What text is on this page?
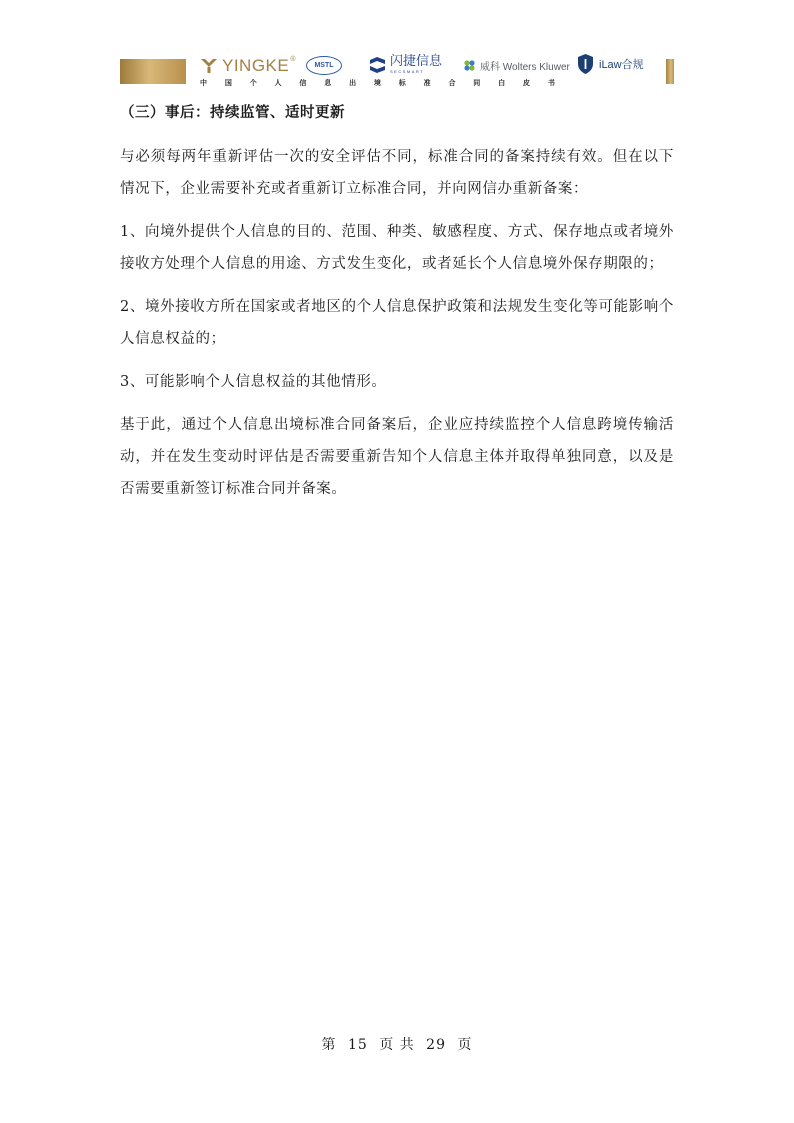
YINGKE ®
MSTL	闪捷信息
SECSMART	威科 Wolters Kluwer	iLaw合规
中	国	个	人	信	息	出	境	标	准	合	同	白	皮	书
（三）事后：持续监管、适时更新

与必须每两年重新评估一次的安全评估不同，标准合同的备案持续有效。但在以下情况下，企业需要补充或者重新订立标准合同，并向网信办重新备案：

1、向境外提供个人信息的目的、范围、种类、敏感程度、方式、保存地点或者境外接收方处理个人信息的用途、方式发生变化，或者延长个人信息境外保存期限的；

2、境外接收方所在国家或者地区的个人信息保护政策和法规发生变化等可能影响个人信息权益的；

3、可能影响个人信息权益的其他情形。

基于此，通过个人信息出境标准合同备案后，企业应持续监控个人信息跨境传输活动，并在发生变动时评估是否需要重新告知个人信息主体并取得单独同意，以及是否需要重新签订标准合同并备案。

第 15 页 共 29 页
